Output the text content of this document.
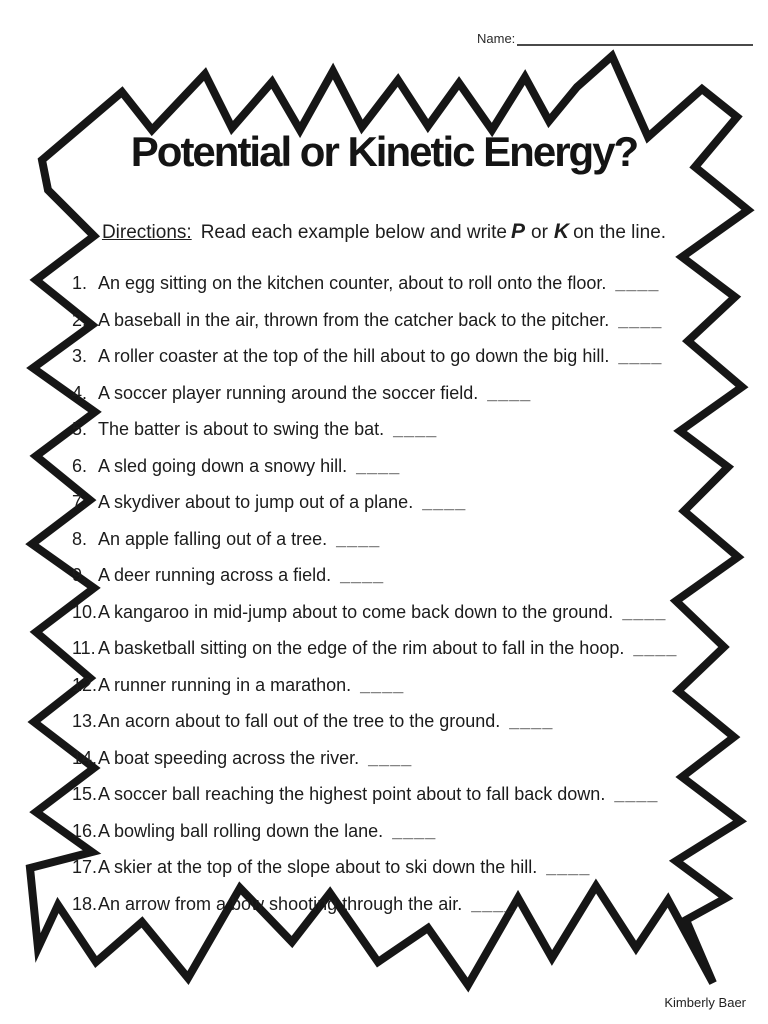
Name:
Potential or Kinetic Energy?

Directions: Read each example below and write P or K on the line.

1. An egg sitting on the kitchen counter, about to roll onto the floor. ____
2. A baseball in the air, thrown from the catcher back to the pitcher. ____
3. A roller coaster at the top of the hill about to go down the big hill. ____
4. A soccer player running around the soccer field. ____
5. The batter is about to swing the bat. ____
6. A sled going down a snowy hill. ____
7. A skydiver about to jump out of a plane. ____
8. An apple falling out of a tree. ____
9. A deer running across a field. ____
10. A kangaroo in mid-jump about to come back down to the ground. ____
11. A basketball sitting on the edge of the rim about to fall in the hoop. ____
12. A runner running in a marathon. ____
13. An acorn about to fall out of the tree to the ground. ____
14. A boat speeding across the river. ____
15. A soccer ball reaching the highest point about to fall back down. ____
16. A bowling ball rolling down the lane. ____
17. A skier at the top of the slope about to ski down the hill. ____
18. An arrow from a bow shooting through the air. ____
Kimberly Baer
